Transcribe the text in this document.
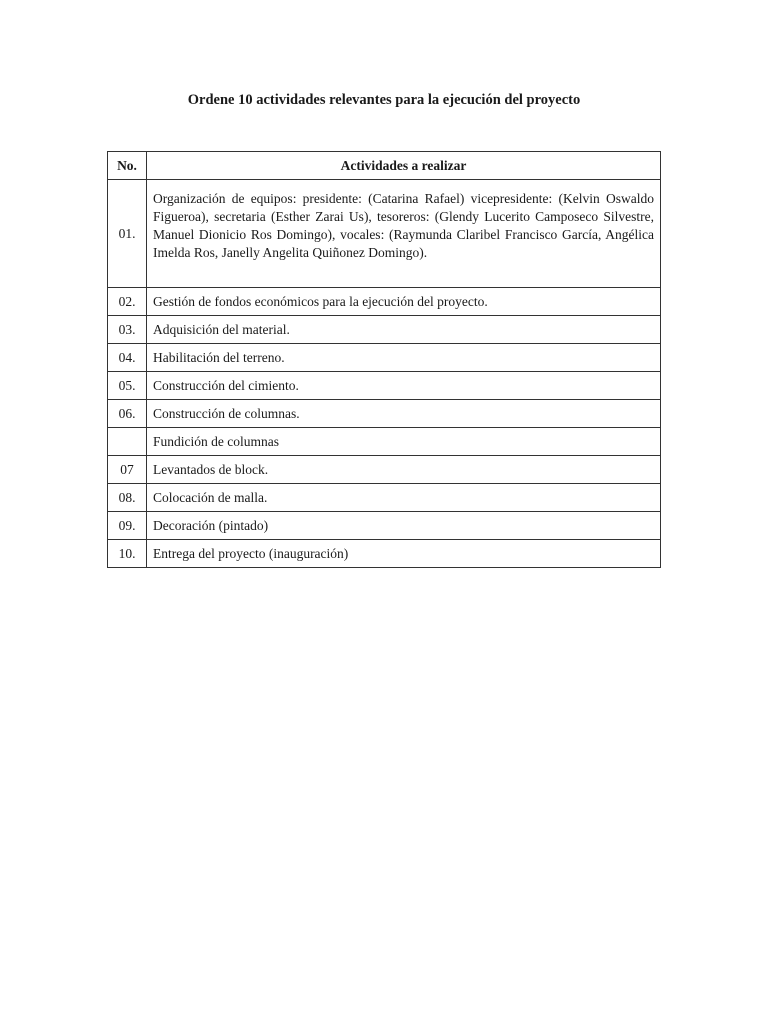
Ordene 10 actividades relevantes para la ejecución del proyecto
No.	Actividades a realizar
01.	Organización de equipos: presidente: (Catarina Rafael) vicepresidente: (Kelvin Oswaldo Figueroa), secretaria (Esther Zarai Us), tesoreros: (Glendy Lucerito Camposeco Silvestre, Manuel Dionicio Ros Domingo), vocales: (Raymunda Claribel Francisco García, Angélica Imelda Ros, Janelly Angelita Quiñonez Domingo).
02.	Gestión de fondos económicos para la ejecución del proyecto.
03.	Adquisición del material.
04.	Habilitación del terreno.
05.	Construcción del cimiento.
06.	Construcción de columnas.
	Fundición de columnas
07	Levantados de block.
08.	Colocación de malla.
09.	Decoración (pintado)
10.	Entrega del proyecto (inauguración)
